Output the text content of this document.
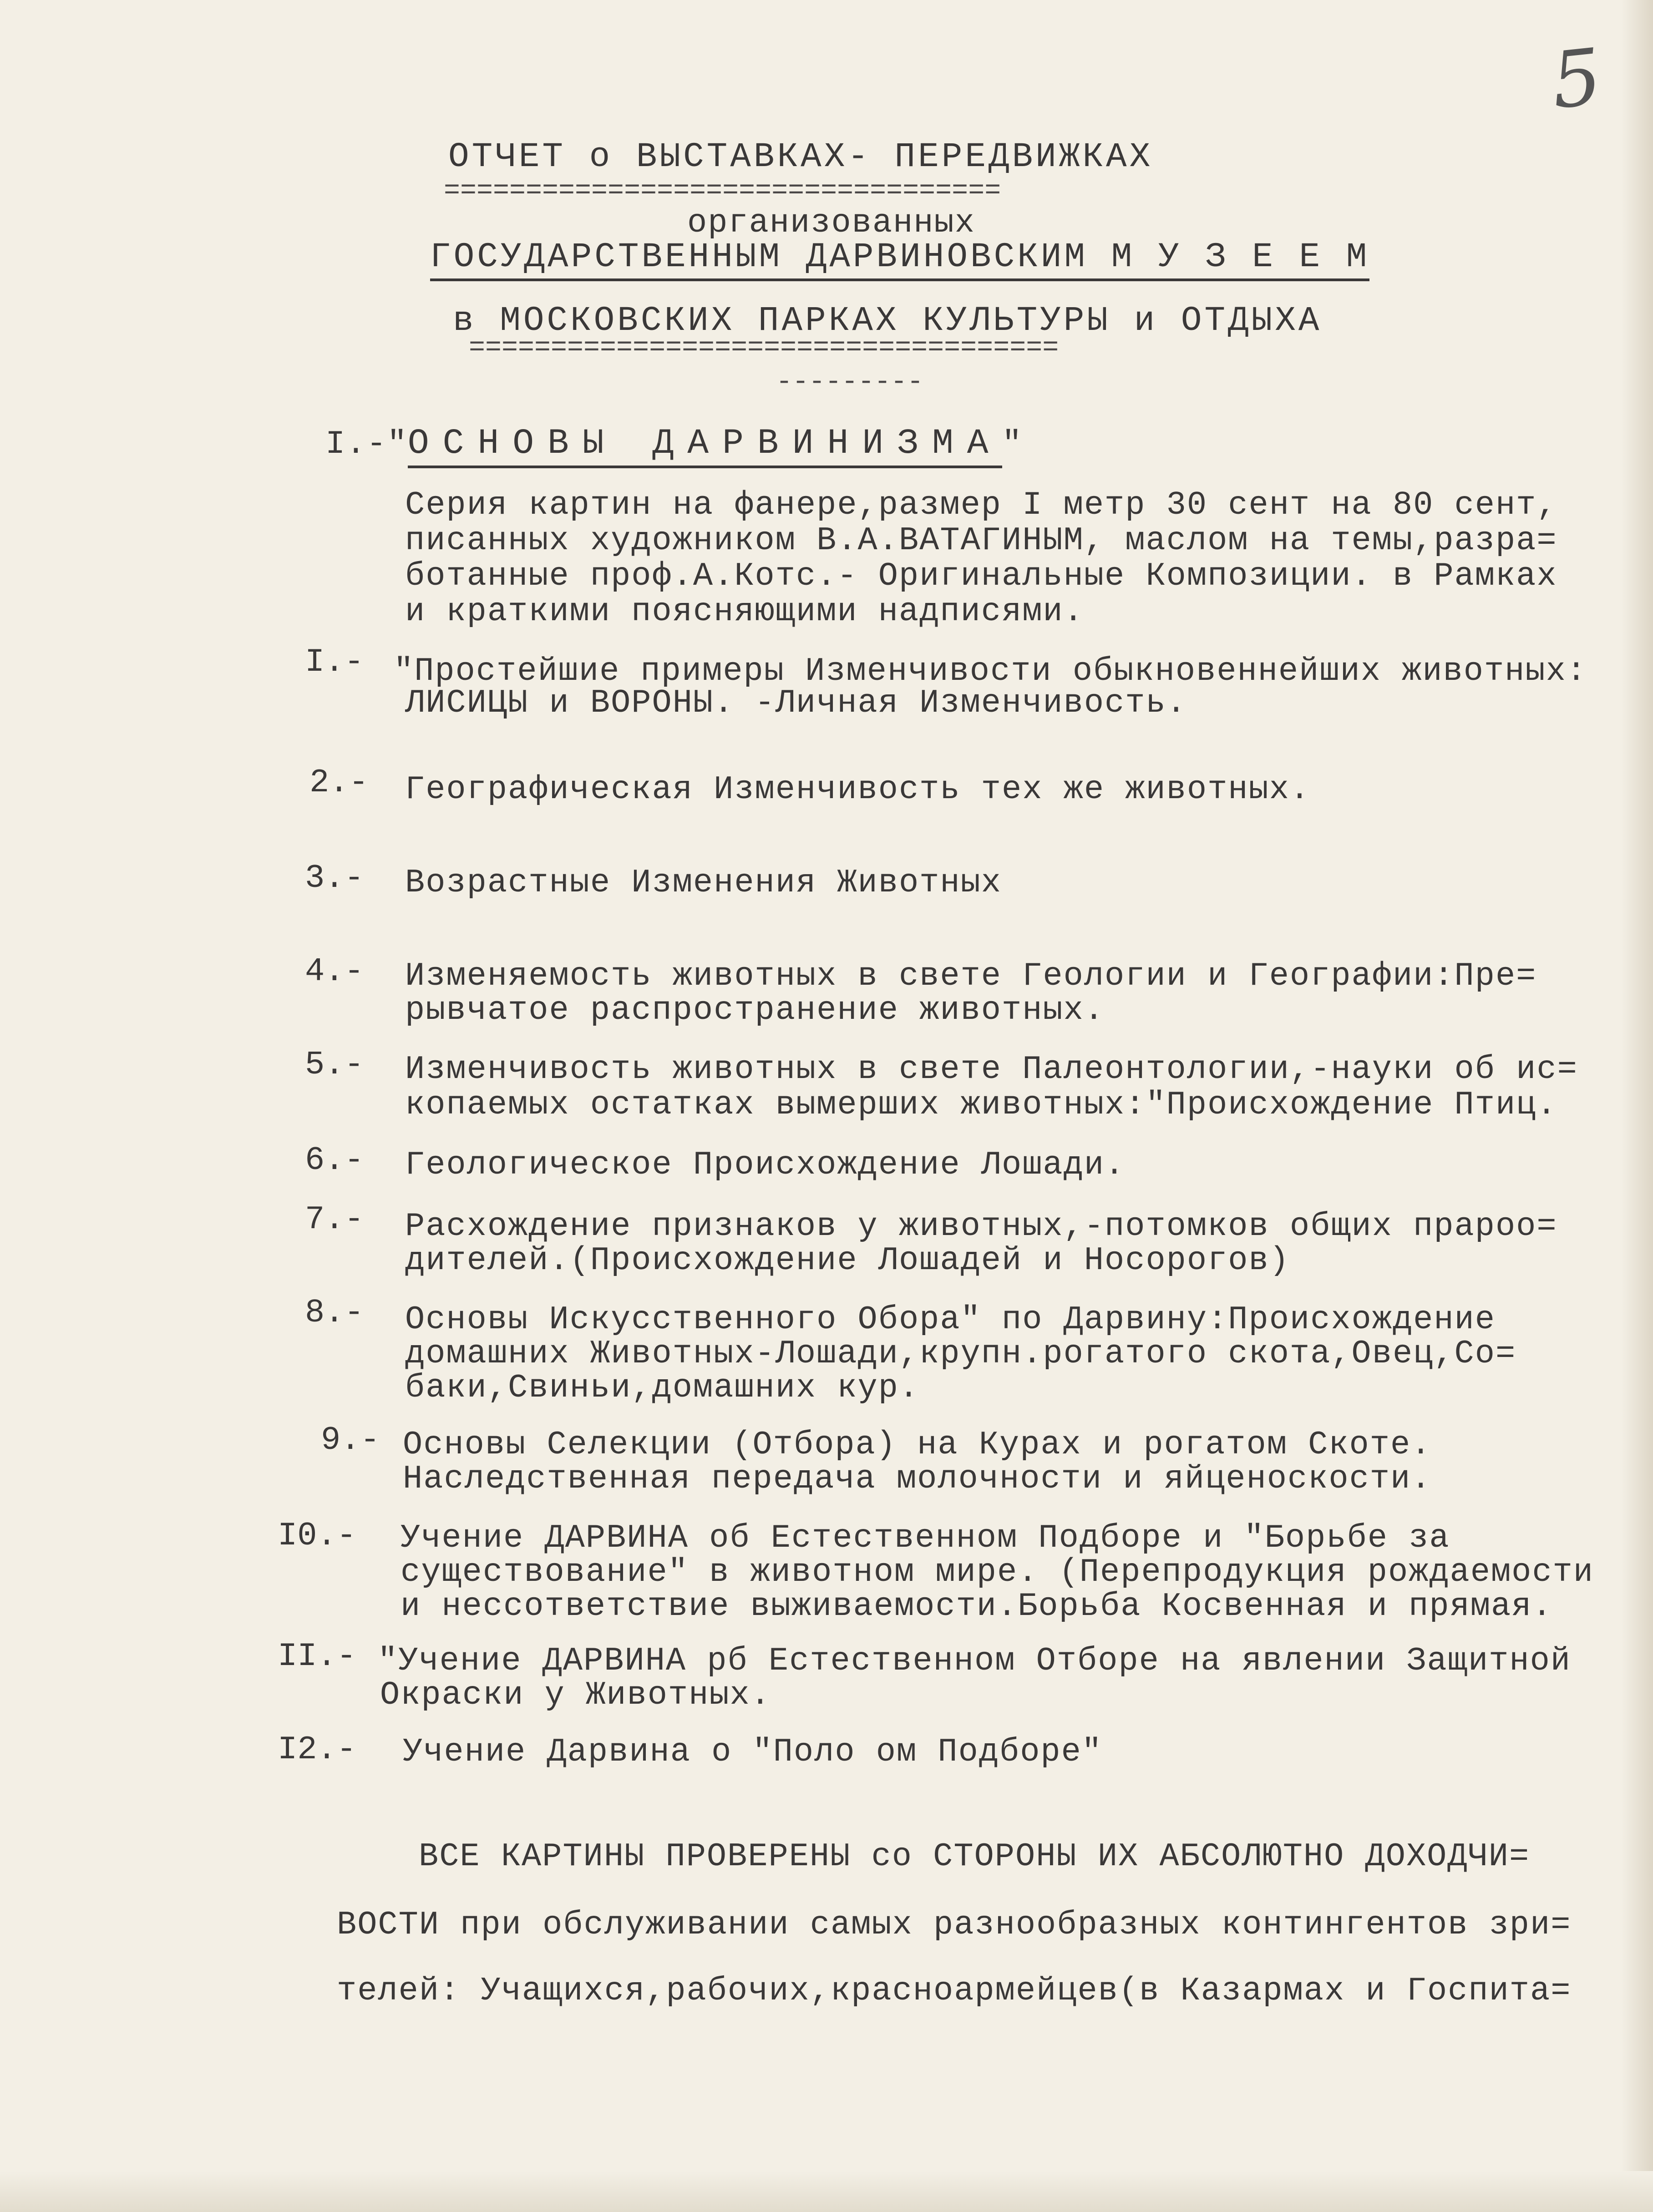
5
ОТЧЕТ о ВЫСТАВКАХ- ПЕРЕДВИЖКАХ
==================================
организованных
ГОСУДАРСТВЕННЫМ ДАРВИНОВСКИМ М У З Е Е М
в МОСКОВСКИХ ПАРКАХ КУЛЬТУРЫ и ОТДЫХА
====================================
---------
I.-"ОСНОВЫ ДАРВИНИЗМА"
Серия картин на фанере,размер I метр 30 сент на 80 сент,
писанных художником В.А.ВАТАГИНЫМ, маслом на темы,разра=
ботанные проф.А.Котс.- Оригинальные Композиции. в Рамках
и краткими поясняющими надписями.
I.- "Простейшие примеры Изменчивости обыкновеннейших животных:
ЛИСИЦЫ и ВОРОНЫ. -Личная Изменчивость.
2.- Географическая Изменчивость тех же животных.
3.- Возрастные Изменения Животных
4.- Изменяемость животных в свете Геологии и Географии:Пре=
рывчатое распространение животных.
5.- Изменчивость животных в свете Палеонтологии,-науки об ис=
копаемых остатках вымерших животных:"Происхождение Птиц.
6.- Геологическое Происхождение Лошади.
7.- Расхождение признаков у животных,-потомков общих прароо=
дителей.(Происхождение Лошадей и Носорогов)
8.- Основы Искусственного Обора" по Дарвину:Происхождение
домашних Животных-Лошади,крупн.рогатого скота,Овец,Со=
баки,Свиньи,домашних кур.
9.- Основы Селекции (Отбора) на Курах и рогатом Скоте.
Наследственная передача молочности и яйценоскости.
I0.- Учение ДАРВИНА об Естественном Подборе и "Борьбе за
существование" в животном мире. (Перепродукция рождаемости
и нессответствие выживаемости.Борьба Косвенная и прямая.
II.- "Учение ДАРВИНА рб Естественном Отборе на явлении Защитной
Окраски у Животных.
I2.- Учение Дарвина о "Поло ом Подборе"
ВСЕ КАРТИНЫ ПРОВЕРЕНЫ со СТОРОНЫ ИХ АБСОЛЮТНО ДОХОДЧИ=
ВОСТИ при обслуживании самых разнообразных контингентов зри=
телей: Учащихся,рабочих,красноармейцев(в Казармах и Госпита=
